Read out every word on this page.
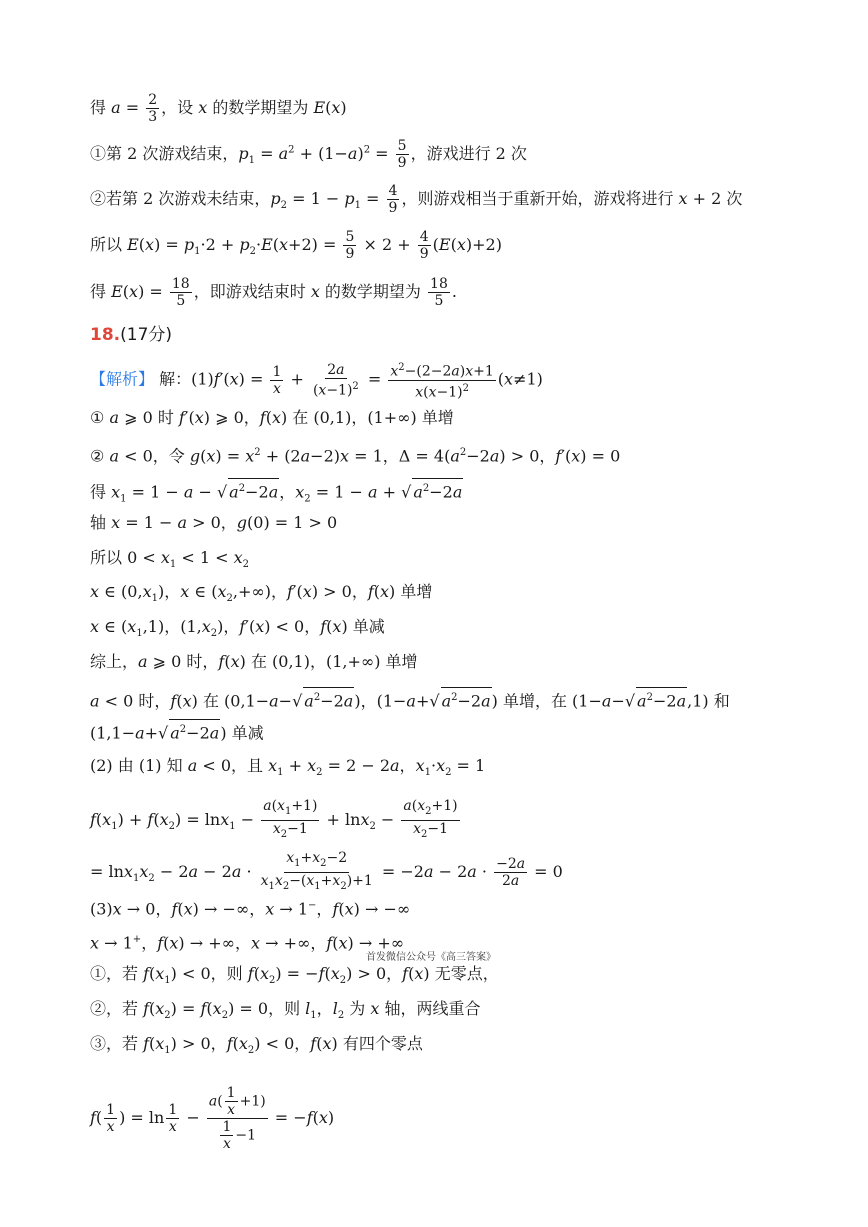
得 $a = \frac{2}{3}$ ，设 x 的数学期望为 E(x)
①第 2 次游戏结束，$p_1 = a^2 + (1-a)^2 = \frac{5}{9}$ ，游戏进行 2 次
②若第 2 次游戏未结束，$p_2 = 1 - p_1 = \frac{4}{9}$ ，则游戏相当于重新开始，游戏将进行 x + 2 次
所以 $E(x) = p_1\cdot 2 + p_2\cdot E(x+2) = \frac{5}{9} \times 2 + \frac{4}{9} (E(x)+2)$
得 $E(x) = \frac{18}{5}$ ，即游戏结束时 x 的数学期望为 $\frac{18}{5}$ .
18.(17分)
【解析】 解：$(1)f'(x) = \frac{1}{x} + \frac{2a}{(x-1)^2} = \frac{x^2-(2-2a)x+1}{x(x-1)^2} (x\ne 1)$
① a ⩾ 0 时 f′(x) ⩾ 0，f(x) 在 (0,1)，(1+∞) 单增
② a < 0，令 $g(x) = x^2 + (2a-2)x = 1$，$\Delta = 4(a^2-2a) > 0$，f′(x) = 0
得 $x_1 = 1 - a$ − √ $a^2-2a$，$x_2 = 1 - a$ + √ $a^2-2a$
轴 x = 1 − a > 0，g(0) = 1 > 0
所以 $0 < x_1 < 1 < x_2$
x ∈ $(0,x_1)$，x ∈ $(x_2,+\infty)$，f′(x) > 0，f(x) 单增
x ∈ $(x_1,1)$，$(1,x_2)$，f′(x) < 0，f(x) 单减
综上，a ⩾ 0 时，f(x) 在 (0,1)，(1,+∞) 单增
a < 0 时，f(x) 在 (0,1−a−√ $a^2-2a$)，(1−a+√ $a^2-2a$) 单增，在 (1−a−√ $a^2-2a,1$) 和
(1,1−a+√ $a^2-2a$) 单减
(2) 由 (1) 知 a < 0，且 $x_1 + x_2 = 2 - 2a$，$x_1\cdot x_2 = 1$
$f(x_1) + f(x_2) = \ln x_1 - \frac{a(x_1+1)}{x_2-1} + \ln x_2 - \frac{a(x_2+1)}{x_2-1}$
= $\ln x_1x_2 - 2a - 2a \cdot \frac{x_1+x_2-2}{x_1x_2-(x_1+x_2)+1} = -2a - 2a \cdot \frac{-2a}{2a} = 0$
(3)x → 0，f(x) → −∞，x → 1−，f(x) → −∞
x → 1+，f(x) → +∞，x → +∞，f(x) → +∞
首发微信公众号《高三答案》
①，若 $f(x_1) < 0$，则 $f(x_2) = -f(x_2) > 0$，f(x) 无零点，
②，若 $f(x_2) = f(x_2) = 0$，则 $l_1$，$l_2$ 为 x 轴，两线重合
③，若 $f(x_1) > 0$，$f(x_2) < 0$，f(x) 有四个零点
$f( \frac{1}{x}$ ) = $\ln \frac{1}{x} - \frac{a( \frac{1}{x} +1)}{\frac{1}{x} -1} = -f(x)$
